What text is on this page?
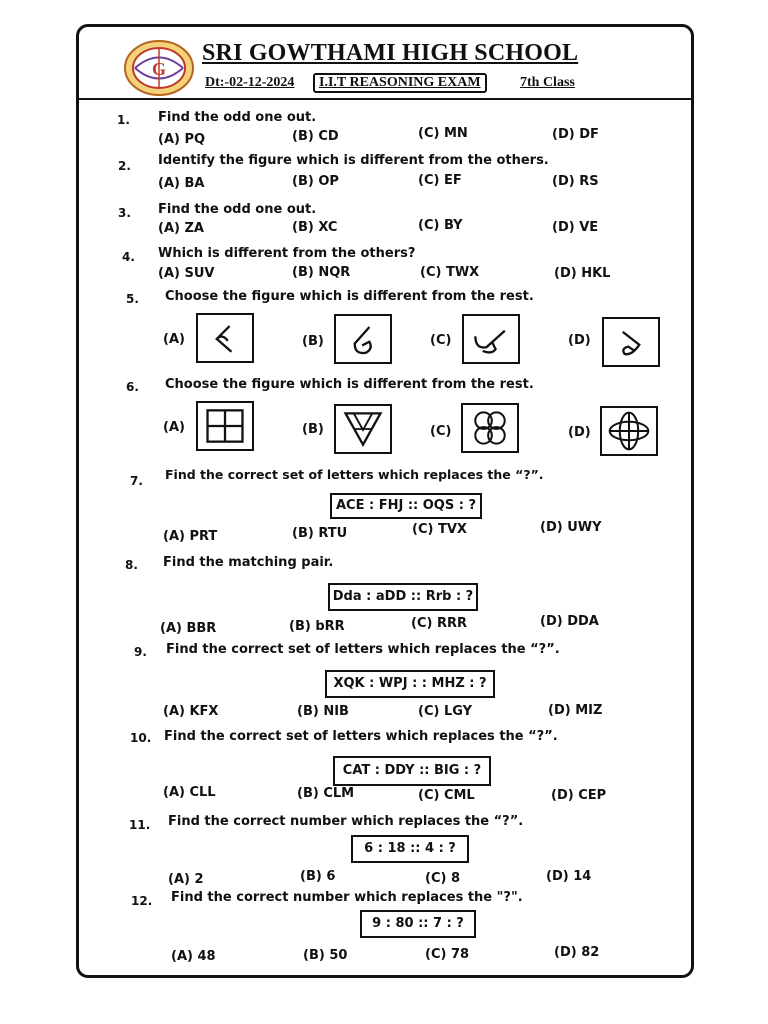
G
SRI GOWTHAMI HIGH SCHOOL
Dt:-02-12-2024	I.I.T REASONING EXAM	7th Class
1. Find the odd one out.
(A) PQ	(B) CD	(C) MN	(D) DF
2. Identify the figure which is different from the others.
(A) BA	(B) OP	(C) EF	(D) RS
3. Find the odd one out.
(A) ZA	(B) XC	(C) BY	(D) VE
4. Which is different from the others?
(A) SUV	(B) NQR	(C) TWX	(D) HKL
5. Choose the figure which is different from the rest.
(A)	(B)	(C)	(D)
6. Choose the figure which is different from the rest.
(A)	(B)	(C)	(D)
7. Find the correct set of letters which replaces the “?”.
ACE : FHJ :: OQS : ?
(A) PRT	(B) RTU	(C) TVX	(D) UWY
8. Find the matching pair.
Dda : aDD :: Rrb : ?
(A) BBR	(B) bRR	(C) RRR	(D) DDA
9. Find the correct set of letters which replaces the “?”.
XQK : WPJ : : MHZ : ?
(A) KFX	(B) NIB	(C) LGY	(D) MIZ
10. Find the correct set of letters which replaces the “?”.
CAT : DDY :: BIG : ?
(A) CLL	(B) CLM	(C) CML	(D) CEP
11. Find the correct number which replaces the “?”.
6 : 18 :: 4 : ?
(A) 2	(B) 6	(C) 8	(D) 14
12. Find the correct number which replaces the "?".
9 : 80 :: 7 : ?
(A) 48	(B) 50	(C) 78	(D) 82
